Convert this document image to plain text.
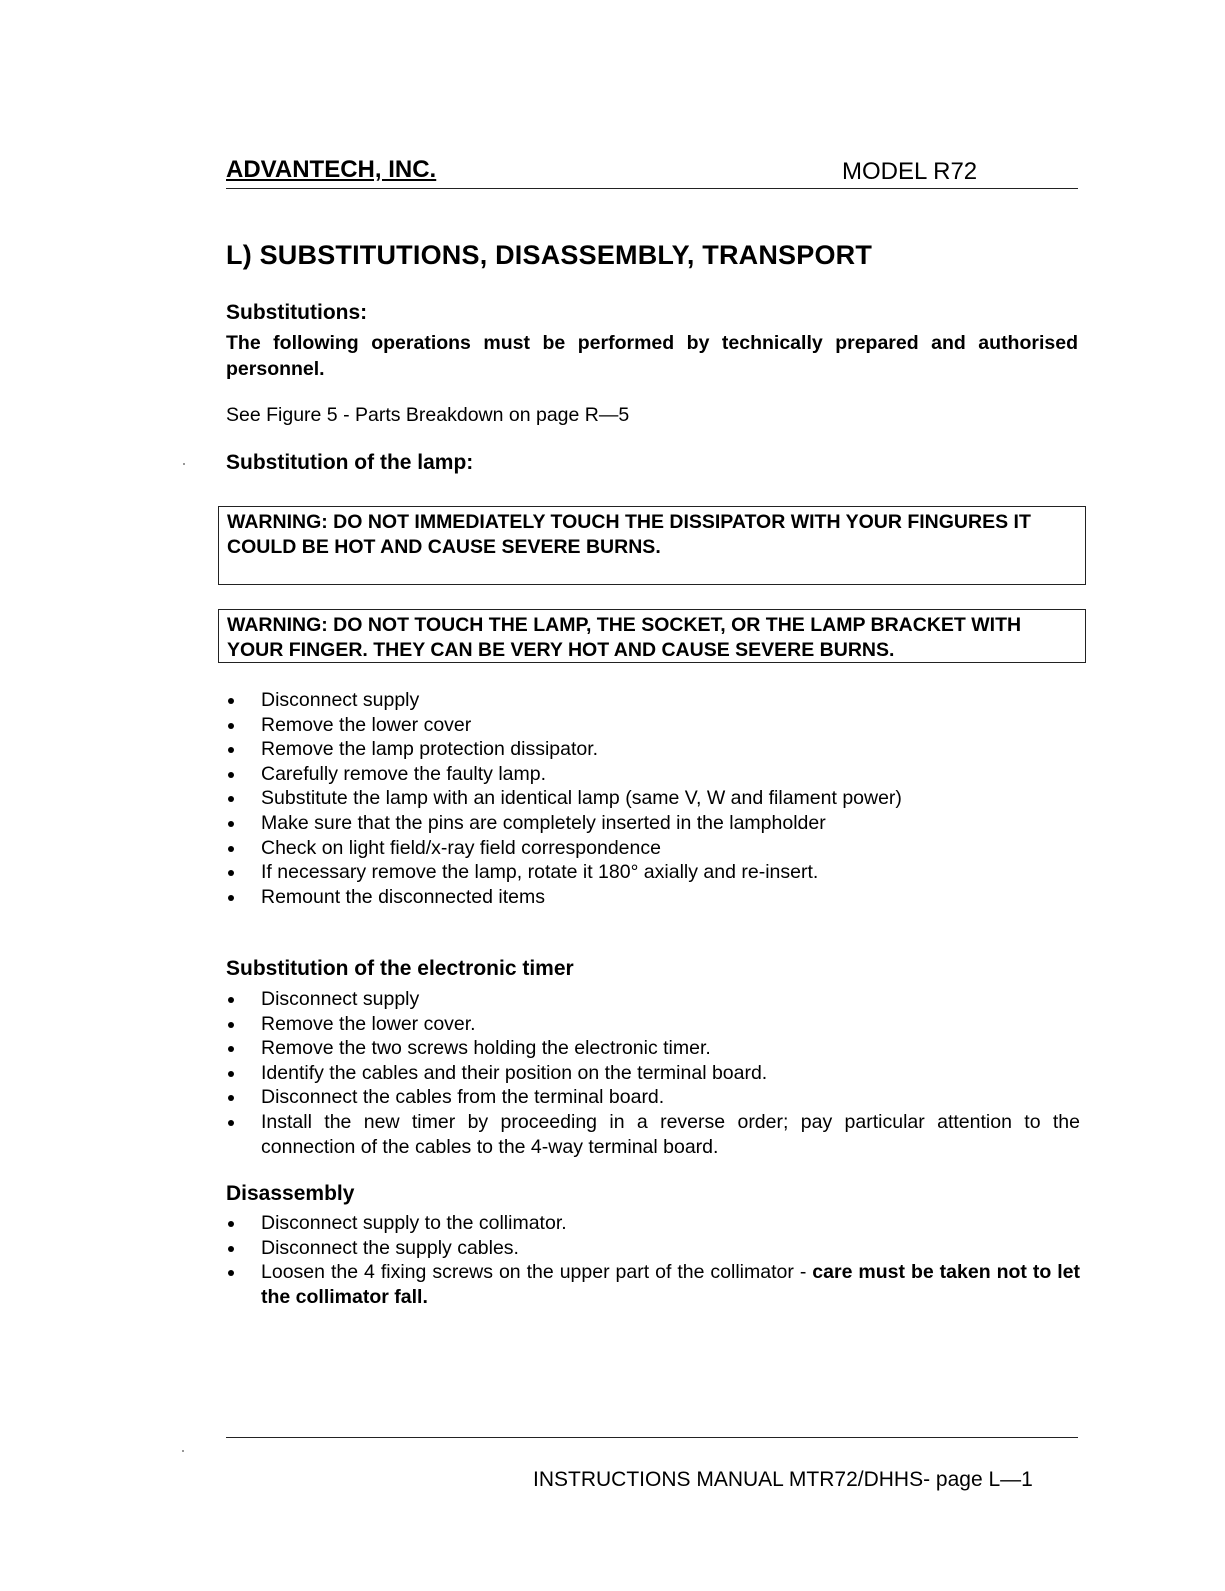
ADVANTECH, INC.	MODEL R72
L) SUBSTITUTIONS, DISASSEMBLY, TRANSPORT
Substitutions:
The following operations must be performed by technically prepared and authorised personnel.
See Figure 5 - Parts Breakdown on page R—5
Substitution of the lamp:
WARNING: DO NOT IMMEDIATELY TOUCH THE DISSIPATOR WITH YOUR FINGURES IT COULD BE HOT AND CAUSE SEVERE BURNS.
WARNING: DO NOT TOUCH THE LAMP, THE SOCKET, OR THE LAMP BRACKET WITH YOUR FINGER. THEY CAN BE VERY HOT AND CAUSE SEVERE BURNS.
Disconnect supply
Remove the lower cover
Remove the lamp protection dissipator.
Carefully remove the faulty lamp.
Substitute the lamp with an identical lamp (same V, W and filament power)
Make sure that the pins are completely inserted in the lampholder
Check on light field/x-ray field correspondence
If necessary remove the lamp, rotate it 180° axially and re-insert.
Remount the disconnected items
Substitution of the electronic timer
Disconnect supply
Remove the lower cover.
Remove the two screws holding the electronic timer.
Identify the cables and their position on the terminal board.
Disconnect the cables from the terminal board.
Install the new timer by proceeding in a reverse order; pay particular attention to the connection of the cables to the 4-way terminal board.
Disassembly
Disconnect supply to the collimator.
Disconnect the supply cables.
Loosen the 4 fixing screws on the upper part of the collimator - care must be taken not to let the collimator fall.
INSTRUCTIONS MANUAL MTR72/DHHS- page L—1
